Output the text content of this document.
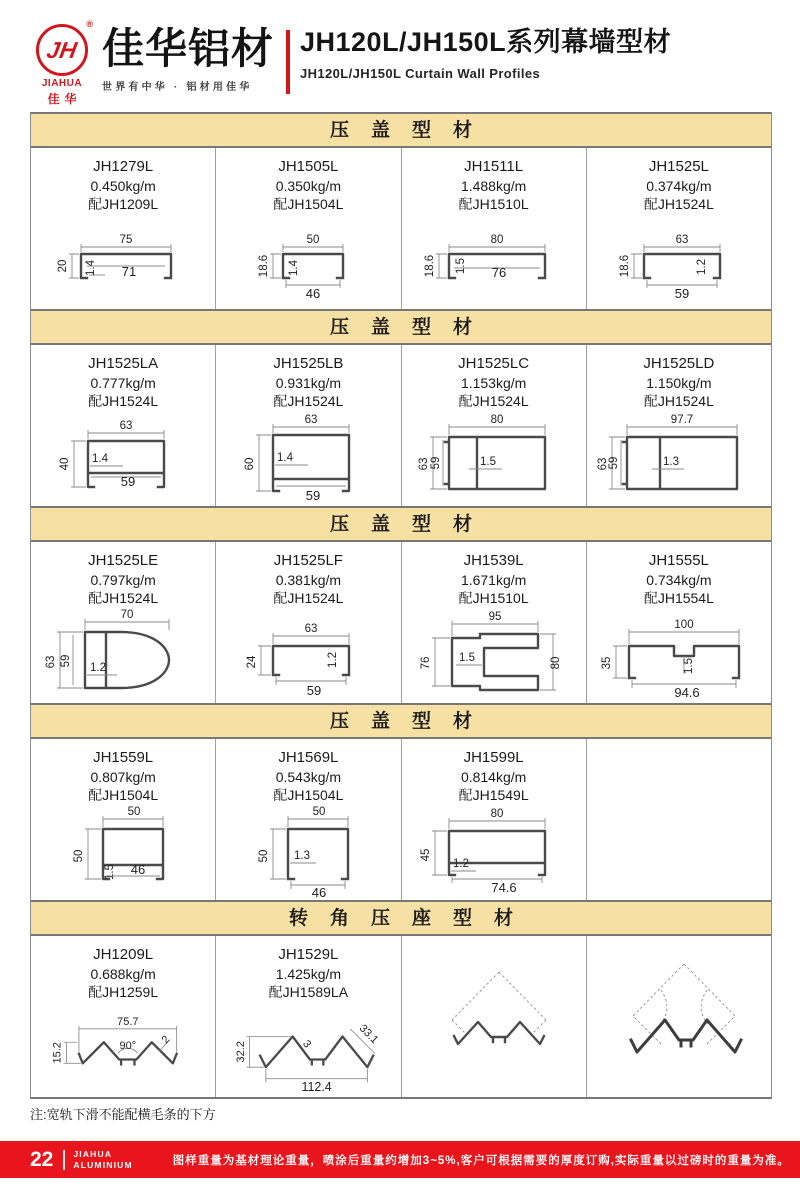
JH
®
JIAHUA
佳华
佳华铝材
世界有中华 · 铝材用佳华
JH120L/JH150L系列幕墙型材
JH120L/JH150L Curtain Wall Profiles
压盖型材
JH1279L
0.450kg/m
配JH1209L
75
20 1.4 71
JH1505L
0.350kg/m
配JH1504L
50
18.6 1.4
46
JH1511L
1.488kg/m
配JH1510L
80
18.6 1.5 76
JH1525L
0.374kg/m
配JH1524L
63
18.6	1.2
59
压盖型材
JH1525LA
0.777kg/m
配JH1524L
63
40 1.4
59
JH1525LB
0.931kg/m
配JH1524L
63
60 1.4
59
JH1525LC
1.153kg/m
配JH1524L
80
63 59	1.5
JH1525LD
1.150kg/m
配JH1524L
97.7
63 59	1.3
压盖型材
JH1525LE
0.797kg/m
配JH1524L
70
63 59
1.2
JH1525LF
0.381kg/m
配JH1524L
63
24	1.2
59
JH1539L
1.671kg/m
配JH1510L
95
76	80
1.5
JH1555L
0.734kg/m
配JH1554L
100
35	1.5
94.6
压盖型材
JH1559L
0.807kg/m
配JH1504L
50
50
1.5 46
JH1569L
0.543kg/m
配JH1504L
50
50 1.3
46
JH1599L
0.814kg/m
配JH1549L
80
45
1.2
74.6
转角压座型材
JH1209L
0.688kg/m
配JH1259L
75.7
90°
15.2
2
JH1529L
1.425kg/m
配JH1589LA
32.2
33.1
3
112.4
注:宽轨下滑不能配横毛条的下方
22 JIAHUA
ALUMINIUM	图样重量为基材理论重量，喷涂后重量约增加3~5%,客户可根据需要的厚度订购,实际重量以过磅时的重量为准。
